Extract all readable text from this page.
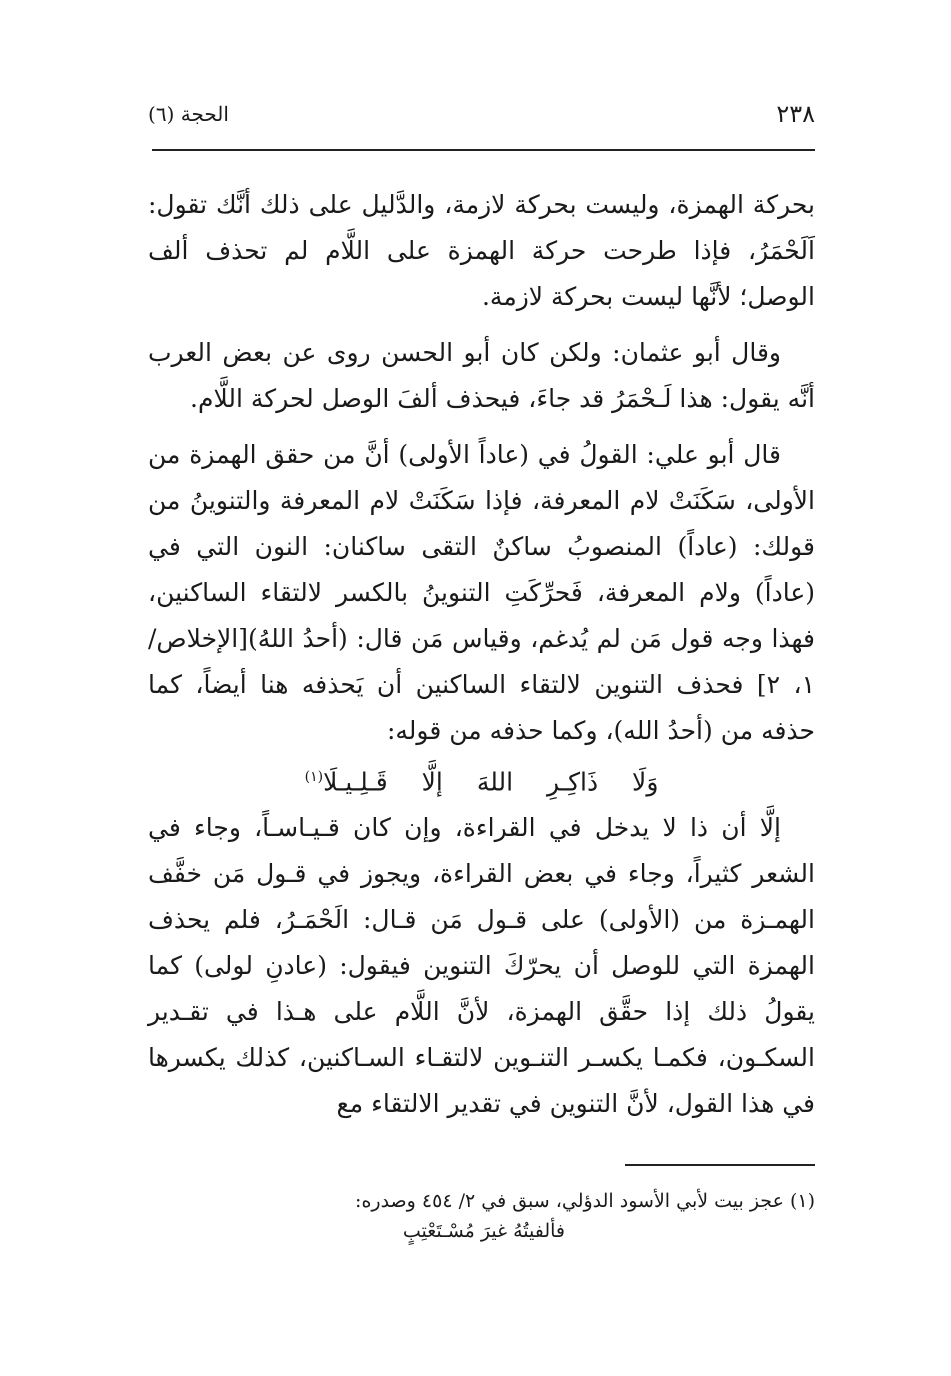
٢٣٨
الحجة (٦)

بحركة الهمزة، وليست بحركة لازمة، والدَّليل على ذلك أنَّك تقول: اَلَحْمَرُ، فإذا طرحت حركة الهمزة على اللَّام لم تحذف ألف الوصل؛ لأنَّها ليست بحركة لازمة.

وقال أبو عثمان: ولكن كان أبو الحسن روى عن بعض العرب أنَّه يقول: هذا لَـحْمَرُ قد جاءَ، فيحذف ألفَ الوصل لحركة اللَّام.

قال أبو علي: القولُ في (عاداً الأولى) أنَّ من حقق الهمزة من الأولى، سَكَنَتْ لام المعرفة، فإذا سَكَنَتْ لام المعرفة والتنوينُ من قولك: (عاداً) المنصوبُ ساكنٌ التقى ساكنان: النون التي في (عاداً) ولام المعرفة، فَحرِّكَتِ التنوينُ بالكسر لالتقاء الساكنين، فهذا وجه قول مَن لم يُدغم، وقياس مَن قال: (أحدُ اللهُ)[الإخلاص/ ١، ٢] فحذف التنوين لالتقاء الساكنين أن يَحذفه هنا أيضاً، كما حذفه من (أحدُ الله)، وكما حذفه من قوله:

وَلَا ذَاكِـرِ اللهَ إلَّا قَـلِـيـلَا$^{(١)}$

إلَّا أن ذا لا يدخل في القراءة، وإن كان قـيـاسـاً، وجاء في الشعر كثيراً، وجاء في بعض القراءة، ويجوز في قـول مَن خفَّف الهمـزة من (الأولى) على قـول مَن قـال: الَحْمَـرُ، فلم يحذف الهمزة التي للوصل أن يحرّكَ التنوين فيقول: (عادنِ لولى) كما يقولُ ذلك إذا حقَّق الهمزة، لأنَّ اللَّام على هـذا في تقـدير السكـون، فكمـا يكسـر التنـوين لالتقـاء السـاكنين، كذلك يكسرها في هذا القول، لأنَّ التنوين في تقدير الالتقاء مع

(١) عجز بيت لأبي الأسود الدؤلي، سبق في ٢/ ٤٥٤ وصدره:

فألفيتُهُ غيرَ مُسْـتَعْتِبٍ
